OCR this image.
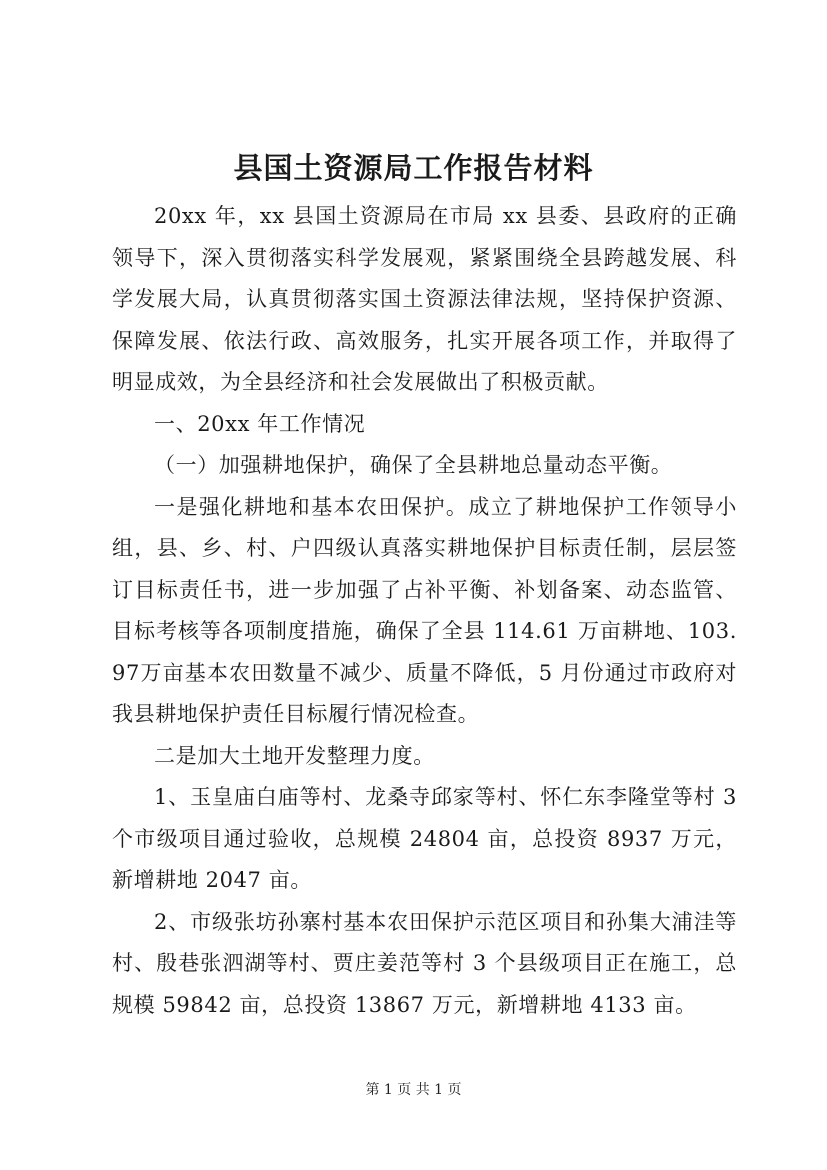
县国土资源局工作报告材料

20xx 年，xx 县国土资源局在市局 xx 县委、县政府的正确领导下，深入贯彻落实科学发展观，紧紧围绕全县跨越发展、科学发展大局，认真贯彻落实国土资源法律法规，坚持保护资源、保障发展、依法行政、高效服务，扎实开展各项工作，并取得了明显成效，为全县经济和社会发展做出了积极贡献。

一、20xx 年工作情况

（一）加强耕地保护，确保了全县耕地总量动态平衡。

一是强化耕地和基本农田保护。成立了耕地保护工作领导小组，县、乡、村、户四级认真落实耕地保护目标责任制，层层签订目标责任书，进一步加强了占补平衡、补划备案、动态监管、目标考核等各项制度措施，确保了全县 114.61 万亩耕地、103.97万亩基本农田数量不减少、质量不降低，5 月份通过市政府对我县耕地保护责任目标履行情况检查。

二是加大土地开发整理力度。

1、玉皇庙白庙等村、龙桑寺邱家等村、怀仁东李隆堂等村 3个市级项目通过验收，总规模 24804 亩，总投资 8937 万元，新增耕地 2047 亩。

2、市级张坊孙寨村基本农田保护示范区项目和孙集大浦洼等村、殷巷张泗湖等村、贾庄姜范等村 3 个县级项目正在施工，总规模 59842 亩，总投资 13867 万元，新增耕地 4133 亩。

第 1 页 共 1 页
